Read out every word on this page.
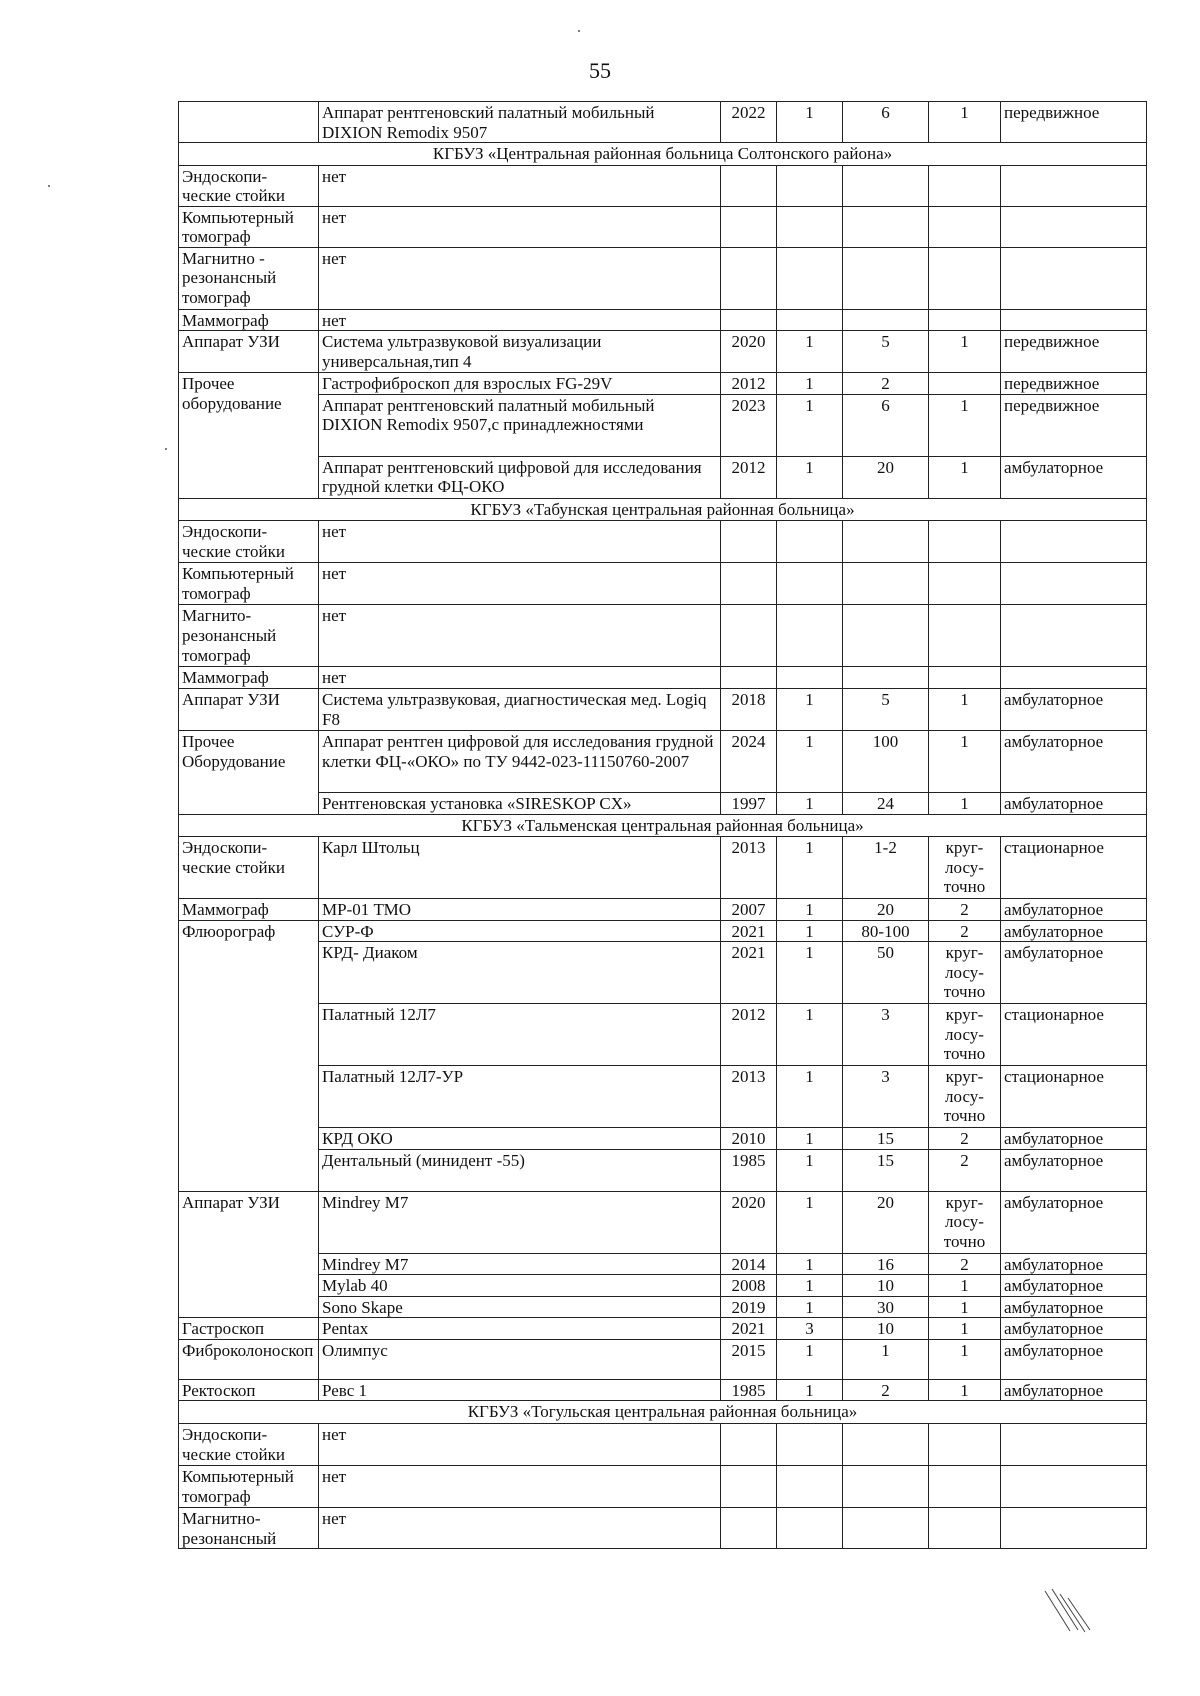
55
	Аппарат рентгеновский палатный мобильный DIXION Remodix 9507	2022	1	6	1	передвижное
КГБУЗ «Центральная районная больница Солтонского района»						
Эндоскопи-ческие стойки	нет					
Компьютерный томограф	нет					
Магнитно - резонансный томограф	нет					
Маммограф	нет					
Аппарат УЗИ	Система ультразвуковой визуализации универсальная,тип 4	2020	1	5	1	передвижное
Прочее оборудование	Гастрофиброскоп для взрослых FG-29V	2012	1	2		передвижное
	Аппарат рентгеновский палатный мобильный DIXION Remodix 9507,с принадлежностями	2023	1	6	1	передвижное
	Аппарат рентгеновский цифровой для исследования грудной клетки ФЦ-ОКО	2012	1	20	1	амбулаторное
КГБУЗ «Табунская центральная районная больница»						
Эндоскопи-ческие стойки	нет					
Компьютерный томограф	нет					
Магнито-резонансный томограф	нет					
Маммограф	нет					
Аппарат УЗИ	Система ультразвуковая, диагностическая мед. Logiq F8	2018	1	5	1	амбулаторное
Прочее Оборудование	Аппарат рентген цифровой для исследования грудной клетки ФЦ-«ОКО» по ТУ 9442-023-11150760-2007	2024	1	100	1	амбулаторное
	Рентгеновская установка «SIRESKOP CX»	1997	1	24	1	амбулаторное
КГБУЗ «Тальменская центральная районная больница»						
Эндоскопи-ческие стойки	Карл Штольц	2013	1	1-2	круг-лосу-точно	стационарное
Маммограф	МР-01 ТМО	2007	1	20	2	амбулаторное
Флюорограф	СУР-Ф	2021	1	80-100	2	амбулаторное
	КРД- Диаком	2021	1	50	круг-лосу-точно	амбулаторное
	Палатный 12Л7	2012	1	3	круг-лосу-точно	стационарное
	Палатный 12Л7-УР	2013	1	3	круг-лосу-точно	стационарное
	КРД ОКО	2010	1	15	2	амбулаторное
	Дентальный (минидент -55)	1985	1	15	2	амбулаторное
Аппарат УЗИ	Mindrey M7	2020	1	20	круг-лосу-точно	амбулаторное
	Mindrey M7	2014	1	16	2	амбулаторное
	Mylab 40	2008	1	10	1	амбулаторное
	Sono Skape	2019	1	30	1	амбулаторное
Гастроскоп	Pentax	2021	3	10	1	амбулаторное
Фиброколоноскоп	Олимпус	2015	1	1	1	амбулаторное
Ректоскоп	Ревс 1	1985	1	2	1	амбулаторное
КГБУЗ «Тогульская центральная районная больница»						
Эндоскопи-ческие стойки	нет					
Компьютерный томограф	нет					
Магнитно-резонансный	нет					
